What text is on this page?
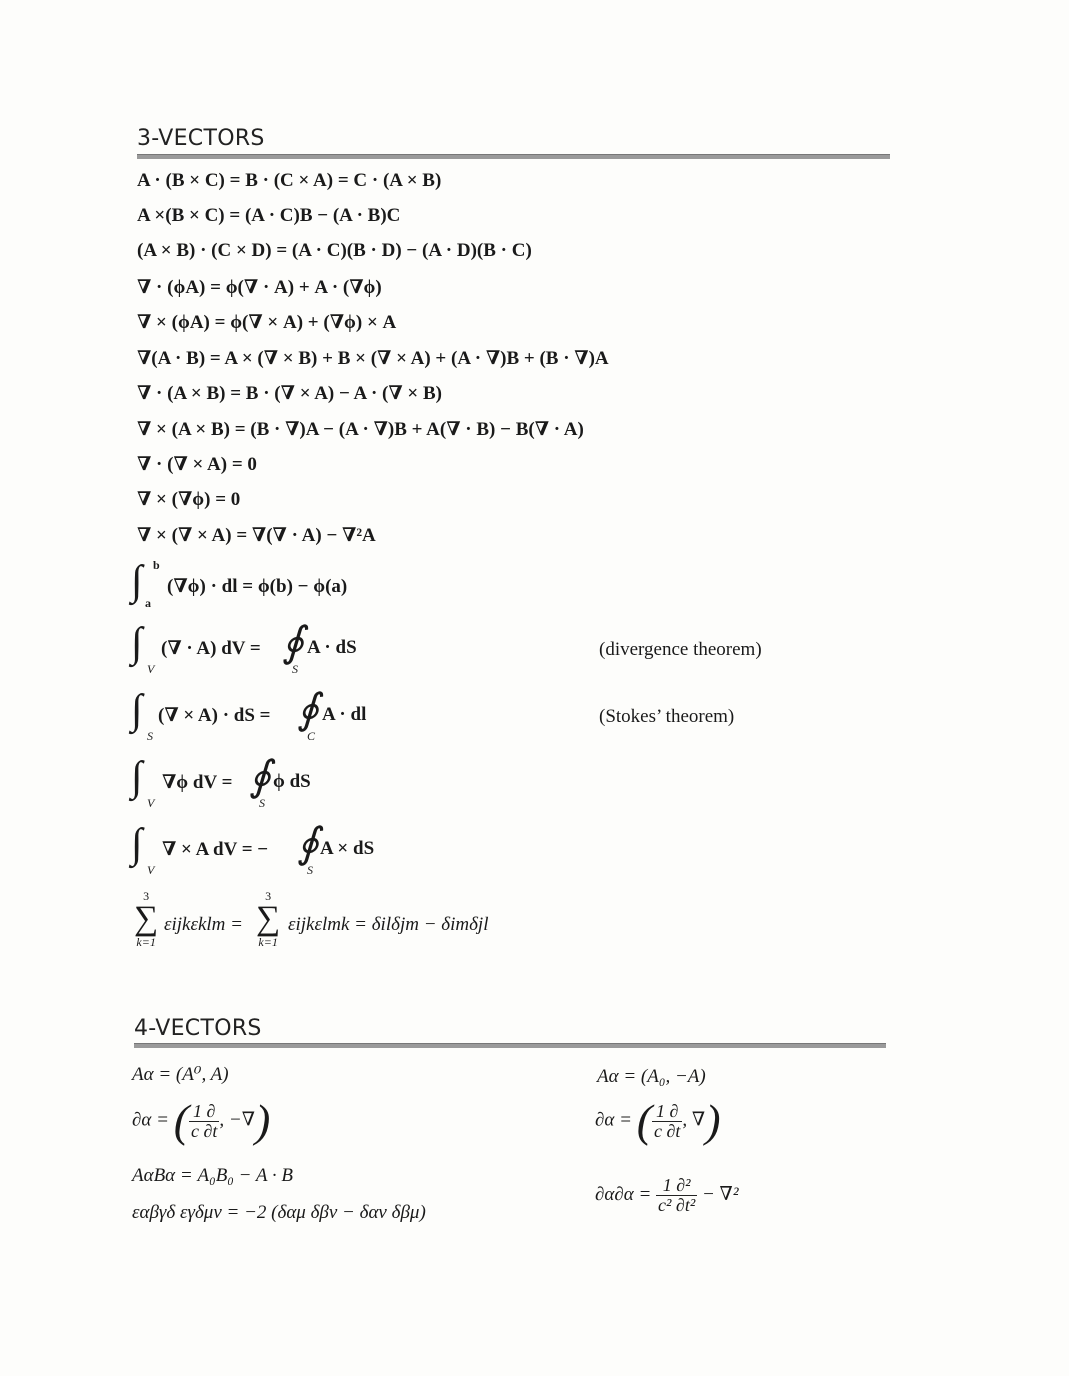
3-VECTORS
A · (B × C) = B · (C × A) = C · (A × B)
A ×(B × C) = (A · C)B − (A · B)C
(A × B) · (C × D) = (A · C)(B · D) − (A · D)(B · C)
∇ · (ϕA) = ϕ(∇ · A) + A · (∇ϕ)
∇ × (ϕA) = ϕ(∇ × A) + (∇ϕ) × A
∇(A · B) = A × (∇ × B) + B × (∇ × A) + (A · ∇)B + (B · ∇)A
∇ · (A × B) = B · (∇ × A) − A · (∇ × B)
∇ × (A × B) = (B · ∇)A − (A · ∇)B + A(∇ · B) − B(∇ · A)
∇ · (∇ × A) = 0
∇ × (∇ϕ) = 0
∇ × (∇ × A) = ∇(∇ · A) − ∇²A
∫ b
a
(∇ϕ) · dl = ϕ(b) − ϕ(a)
∫
V
(∇ · A) dV = ∮
S
A · dS	(divergence theorem)
∫
S
(∇ × A) · dS = ∮
C
A · dl	(Stokes’ theorem)
∫
V
∇ϕ dV = ∮
S
ϕ dS
∫
V
∇ × A dV = − ∮
S
A × dS
3
∑
k=1
εijkεklm =
3
∑
k=1
εijkεlmk = δilδjm − δimδjl
4-VECTORS
Aα = (A⁰, A)	Aα = (A₀, −A)
∂α = ( $\frac{1 \partial}{c \partial t}$ , −∇)	∂α = ( $\frac{1 \partial}{c \partial t}$ , ∇)
AαBα = A₀B₀ − A · B
$\partial\alpha\partial\alpha = \frac{\text{1 ∂²}}{\text{c² ∂t²}} - \nabla^2$
εαβγδ εγδμν = −2 (δαμ δβν − δαν δβμ)
